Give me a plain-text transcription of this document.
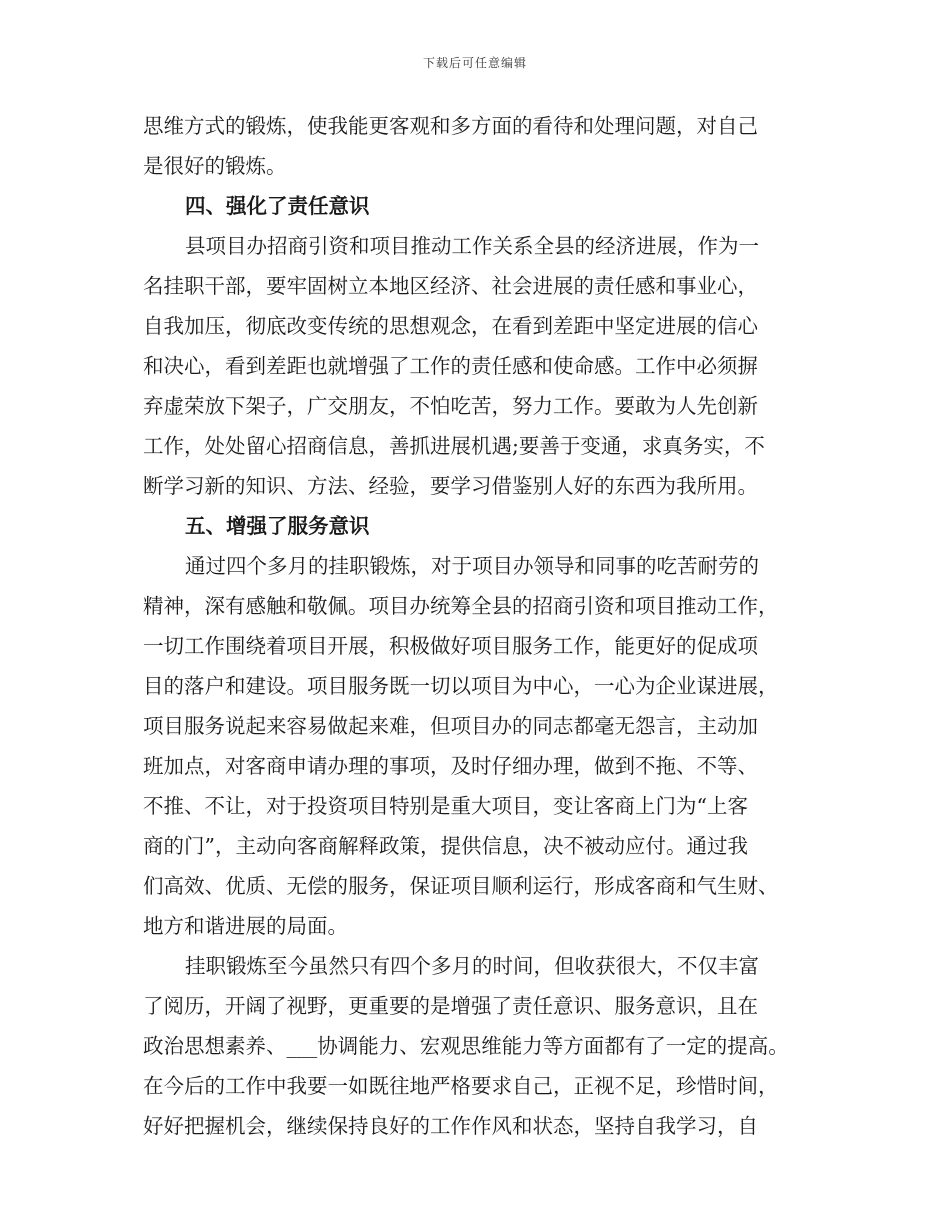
下载后可任意编辑
思维方式的锻炼，使我能更客观和多方面的看待和处理问题，对自己
是很好的锻炼。
四、强化了责任意识
县项目办招商引资和项目推动工作关系全县的经济进展，作为一
名挂职干部，要牢固树立本地区经济、社会进展的责任感和事业心，
自我加压，彻底改变传统的思想观念，在看到差距中坚定进展的信心
和决心，看到差距也就增强了工作的责任感和使命感。工作中必须摒
弃虚荣放下架子，广交朋友，不怕吃苦，努力工作。要敢为人先创新
工作，处处留心招商信息，善抓进展机遇;要善于变通，求真务实，不
断学习新的知识、方法、经验，要学习借鉴别人好的东西为我所用。
五、增强了服务意识
通过四个多月的挂职锻炼，对于项目办领导和同事的吃苦耐劳的
精神，深有感触和敬佩。项目办统筹全县的招商引资和项目推动工作，
一切工作围绕着项目开展，积极做好项目服务工作，能更好的促成项
目的落户和建设。项目服务既一切以项目为中心，一心为企业谋进展，
项目服务说起来容易做起来难，但项目办的同志都毫无怨言，主动加
班加点，对客商申请办理的事项，及时仔细办理，做到不拖、不等、
不推、不让，对于投资项目特别是重大项目，变让客商上门为“上客
商的门”，主动向客商解释政策，提供信息，决不被动应付。通过我
们高效、优质、无偿的服务，保证项目顺利运行，形成客商和气生财、
地方和谐进展的局面。
挂职锻炼至今虽然只有四个多月的时间，但收获很大，不仅丰富
了阅历，开阔了视野，更重要的是增强了责任意识、服务意识，且在
政治思想素养、___协调能力、宏观思维能力等方面都有了一定的提高。
在今后的工作中我要一如既往地严格要求自己，正视不足，珍惜时间，
好好把握机会，继续保持良好的工作作风和状态，坚持自我学习，自
